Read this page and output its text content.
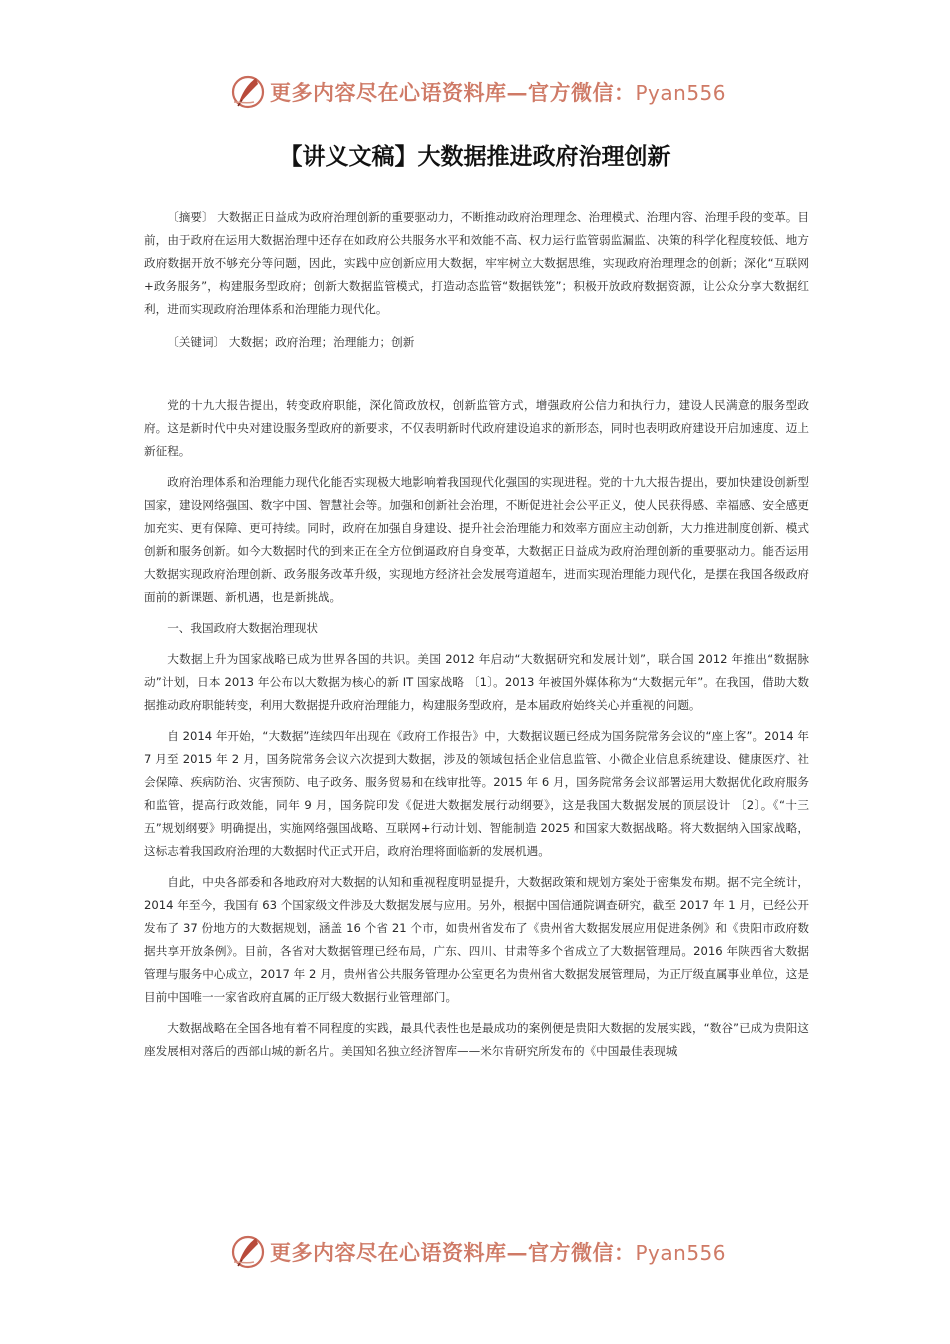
更多内容尽在心语资料库—官方微信：Pyan556
【讲义文稿】大数据推进政府治理创新

〔摘要〕 大数据正日益成为政府治理创新的重要驱动力，不断推动政府治理理念、治理模式、治理内容、治理手段的变革。目前，由于政府在运用大数据治理中还存在如政府公共服务水平和效能不高、权力运行监管弱监漏监、决策的科学化程度较低、地方政府数据开放不够充分等问题，因此，实践中应创新应用大数据，牢牢树立大数据思维，实现政府治理理念的创新；深化“互联网+政务服务”，构建服务型政府；创新大数据监管模式，打造动态监管“数据铁笼”；积极开放政府数据资源，让公众分享大数据红利，进而实现政府治理体系和治理能力现代化。

〔关键词〕 大数据；政府治理；治理能力；创新

党的十九大报告提出，转变政府职能，深化简政放权，创新监管方式，增强政府公信力和执行力，建设人民满意的服务型政府。这是新时代中央对建设服务型政府的新要求，不仅表明新时代政府建设追求的新形态，同时也表明政府建设开启加速度、迈上新征程。

政府治理体系和治理能力现代化能否实现极大地影响着我国现代化强国的实现进程。党的十九大报告提出，要加快建设创新型国家，建设网络强国、数字中国、智慧社会等。加强和创新社会治理，不断促进社会公平正义，使人民获得感、幸福感、安全感更加充实、更有保障、更可持续。同时，政府在加强自身建设、提升社会治理能力和效率方面应主动创新，大力推进制度创新、模式创新和服务创新。如今大数据时代的到来正在全方位倒逼政府自身变革，大数据正日益成为政府治理创新的重要驱动力。能否运用大数据实现政府治理创新、政务服务改革升级，实现地方经济社会发展弯道超车，进而实现治理能力现代化，是摆在我国各级政府面前的新课题、新机遇，也是新挑战。

一、我国政府大数据治理现状

大数据上升为国家战略已成为世界各国的共识。美国 2012 年启动“大数据研究和发展计划”，联合国 2012 年推出“数据脉动”计划，日本 2013 年公布以大数据为核心的新 IT 国家战略 〔1〕。2013 年被国外媒体称为“大数据元年”。在我国，借助大数据推动政府职能转变，利用大数据提升政府治理能力，构建服务型政府，是本届政府始终关心并重视的问题。

自 2014 年开始，“大数据”连续四年出现在《政府工作报告》中，大数据议题已经成为国务院常务会议的“座上客”。2014 年 7 月至 2015 年 2 月，国务院常务会议六次提到大数据，涉及的领域包括企业信息监管、小微企业信息系统建设、健康医疗、社会保障、疾病防治、灾害预防、电子政务、服务贸易和在线审批等。2015 年 6 月，国务院常务会议部署运用大数据优化政府服务和监管，提高行政效能，同年 9 月，国务院印发《促进大数据发展行动纲要》，这是我国大数据发展的顶层设计 〔2〕。《“十三五”规划纲要》明确提出，实施网络强国战略、互联网+行动计划、智能制造 2025 和国家大数据战略。将大数据纳入国家战略，这标志着我国政府治理的大数据时代正式开启，政府治理将面临新的发展机遇。

自此，中央各部委和各地政府对大数据的认知和重视程度明显提升，大数据政策和规划方案处于密集发布期。据不完全统计，2014 年至今，我国有 63 个国家级文件涉及大数据发展与应用。另外，根据中国信通院调查研究，截至 2017 年 1 月，已经公开发布了 37 份地方的大数据规划，涵盖 16 个省 21 个市，如贵州省发布了《贵州省大数据发展应用促进条例》和《贵阳市政府数据共享开放条例》。目前，各省对大数据管理已经布局，广东、四川、甘肃等多个省成立了大数据管理局。2016 年陕西省大数据管理与服务中心成立，2017 年 2 月，贵州省公共服务管理办公室更名为贵州省大数据发展管理局，为正厅级直属事业单位，这是目前中国唯一一家省政府直属的正厅级大数据行业管理部门。

大数据战略在全国各地有着不同程度的实践，最具代表性也是最成功的案例便是贵阳大数据的发展实践，“数谷”已成为贵阳这座发展相对落后的西部山城的新名片。美国知名独立经济智库——米尔肯研究所发布的《中国最佳表现城

更多内容尽在心语资料库—官方微信：Pyan556
